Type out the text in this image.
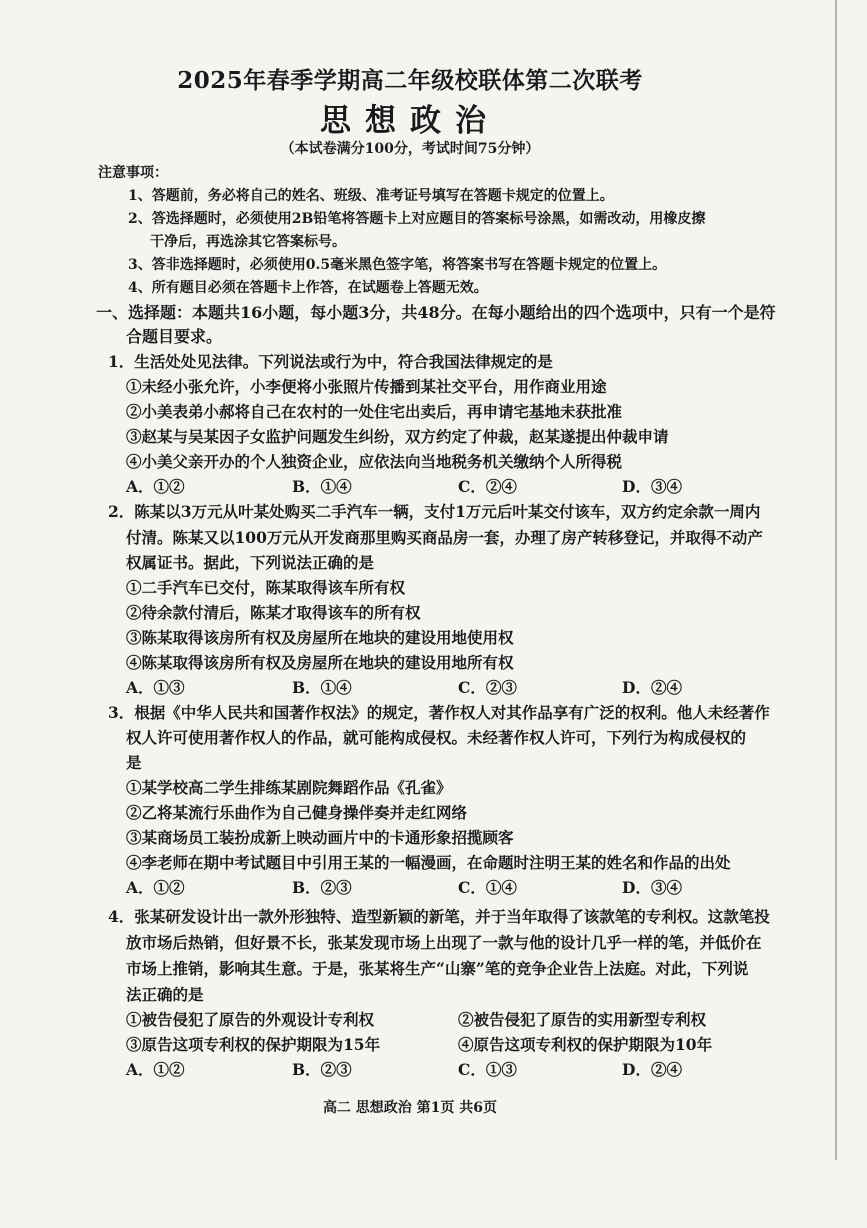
2025年春季学期高二年级校联体第二次联考
思想政治
（本试卷满分100分，考试时间75分钟）
注意事项：
1、答题前，务必将自己的姓名、班级、准考证号填写在答题卡规定的位置上。
2、答选择题时，必须使用2B铅笔将答题卡上对应题目的答案标号涂黑，如需改动，用橡皮擦
干净后，再选涂其它答案标号。
3、答非选择题时，必须使用0.5毫米黑色签字笔，将答案书写在答题卡规定的位置上。
4、所有题目必须在答题卡上作答，在试题卷上答题无效。
一、选择题：本题共16小题，每小题3分，共48分。在每小题给出的四个选项中，只有一个是符
合题目要求。
1．生活处处见法律。下列说法或行为中，符合我国法律规定的是
①未经小张允许，小李便将小张照片传播到某社交平台，用作商业用途
②小美表弟小郝将自己在农村的一处住宅出卖后，再申请宅基地未获批准
③赵某与吴某因子女监护问题发生纠纷，双方约定了仲裁，赵某遂提出仲裁申请
④小美父亲开办的个人独资企业，应依法向当地税务机关缴纳个人所得税
A．①②	B．①④	C．②④	D．③④
2．陈某以3万元从叶某处购买二手汽车一辆，支付1万元后叶某交付该车，双方约定余款一周内
付清。陈某又以100万元从开发商那里购买商品房一套，办理了房产转移登记，并取得不动产
权属证书。据此，下列说法正确的是
①二手汽车已交付，陈某取得该车所有权
②待余款付清后，陈某才取得该车的所有权
③陈某取得该房所有权及房屋所在地块的建设用地使用权
④陈某取得该房所有权及房屋所在地块的建设用地所有权
A．①③	B．①④	C．②③	D．②④
3．根据《中华人民共和国著作权法》的规定，著作权人对其作品享有广泛的权利。他人未经著作
权人许可使用著作权人的作品，就可能构成侵权。未经著作权人许可，下列行为构成侵权的
是
①某学校高二学生排练某剧院舞蹈作品《孔雀》
②乙将某流行乐曲作为自己健身操伴奏并走红网络
③某商场员工装扮成新上映动画片中的卡通形象招揽顾客
④李老师在期中考试题目中引用王某的一幅漫画，在命题时注明王某的姓名和作品的出处
A．①②	B．②③	C．①④	D．③④
4．张某研发设计出一款外形独特、造型新颖的新笔，并于当年取得了该款笔的专利权。这款笔投
放市场后热销，但好景不长，张某发现市场上出现了一款与他的设计几乎一样的笔，并低价在
市场上推销，影响其生意。于是，张某将生产“山寨”笔的竞争企业告上法庭。对此，下列说
法正确的是
①被告侵犯了原告的外观设计专利权	②被告侵犯了原告的实用新型专利权
③原告这项专利权的保护期限为15年	④原告这项专利权的保护期限为10年
A．①②	B．②③	C．①③	D．②④
高二 思想政治 第1页 共6页
